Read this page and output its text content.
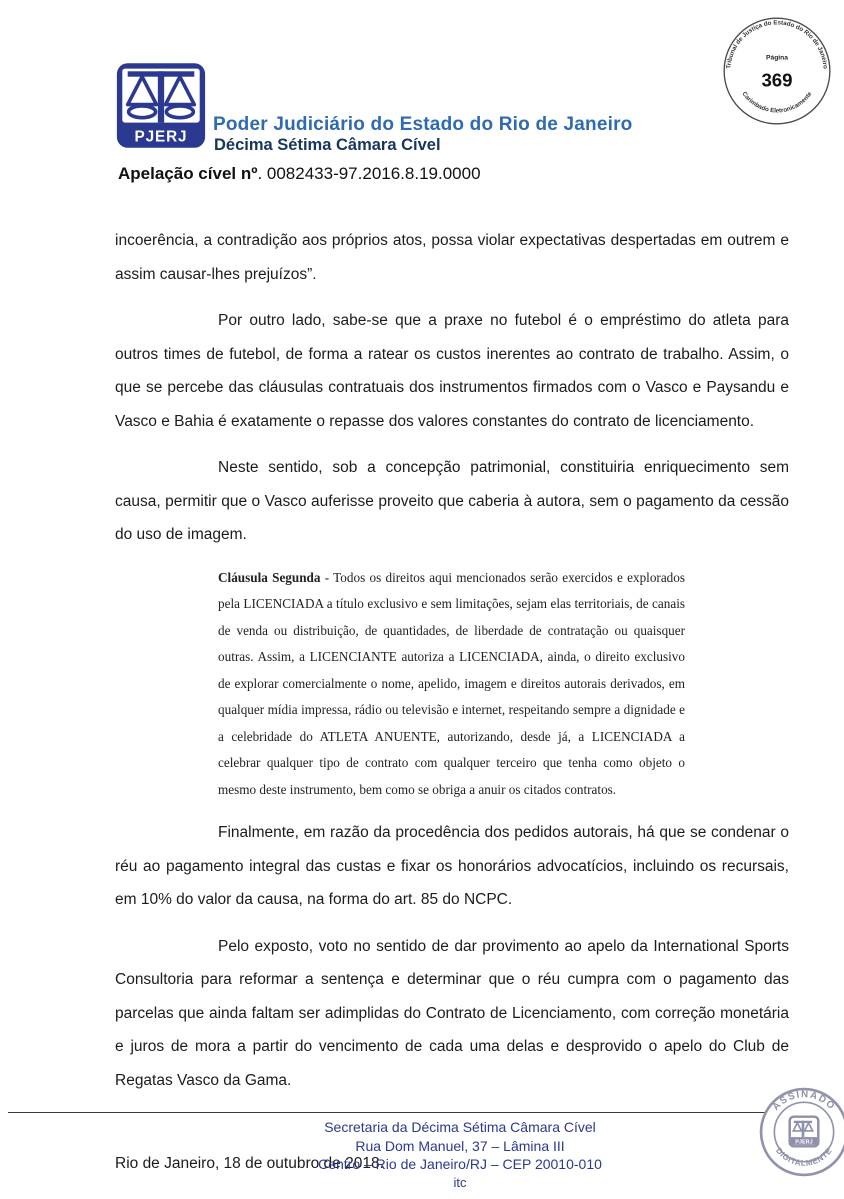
Tribunal de Justiça do Estado do Rio de Janeiro
Página
369
Carimbado Eletronicamente
PJERJ
Poder Judiciário do Estado do Rio de Janeiro
Décima Sétima Câmara Cível
Apelação cível nº. 0082433-97.2016.8.19.0000

incoerência, a contradição aos próprios atos, possa violar expectativas despertadas em outrem e assim causar-lhes prejuízos”.

Por outro lado, sabe-se que a praxe no futebol é o empréstimo do atleta para outros times de futebol, de forma a ratear os custos inerentes ao contrato de trabalho. Assim, o que se percebe das cláusulas contratuais dos instrumentos firmados com o Vasco e Paysandu e Vasco e Bahia é exatamente o repasse dos valores constantes do contrato de licenciamento.

Neste sentido, sob a concepção patrimonial, constituiria enriquecimento sem causa, permitir que o Vasco auferisse proveito que caberia à autora, sem o pagamento da cessão do uso de imagem.

Cláusula Segunda - Todos os direitos aqui mencionados serão exercidos e explorados pela LICENCIADA a título exclusivo e sem limitações, sejam elas territoriais, de canais de venda ou distribuição, de quantidades, de liberdade de contratação ou quaisquer outras. Assim, a LICENCIANTE autoriza a LICENCIADA, ainda, o direito exclusivo de explorar comercialmente o nome, apelido, imagem e direitos autorais derivados, em qualquer mídia impressa, rádio ou televisão e internet, respeitando sempre a dignidade e a celebridade do ATLETA ANUENTE, autorizando, desde já, a LICENCIADA a celebrar qualquer tipo de contrato com qualquer terceiro que tenha como objeto o mesmo deste instrumento, bem como se obriga a anuir os citados contratos.

Finalmente, em razão da procedência dos pedidos autorais, há que se condenar o réu ao pagamento integral das custas e fixar os honorários advocatícios, incluindo os recursais, em 10% do valor da causa, na forma do art. 85 do NCPC.

Pelo exposto, voto no sentido de dar provimento ao apelo da International Sports Consultoria para reformar a sentença e determinar que o réu cumpra com o pagamento das parcelas que ainda faltam ser adimplidas do Contrato de Licenciamento, com correção monetária e juros de mora a partir do vencimento de cada uma delas e desprovido o apelo do Club de Regatas Vasco da Gama.

Rio de Janeiro, 18 de outubro de 2018.

Secretaria da Décima Sétima Câmara Cível
Rua Dom Manuel, 37 – Lâmina III
Centro – Rio de Janeiro/RJ – CEP 20010-010
itc
ASSINADO
DIGITALMENTE
PJERJ
